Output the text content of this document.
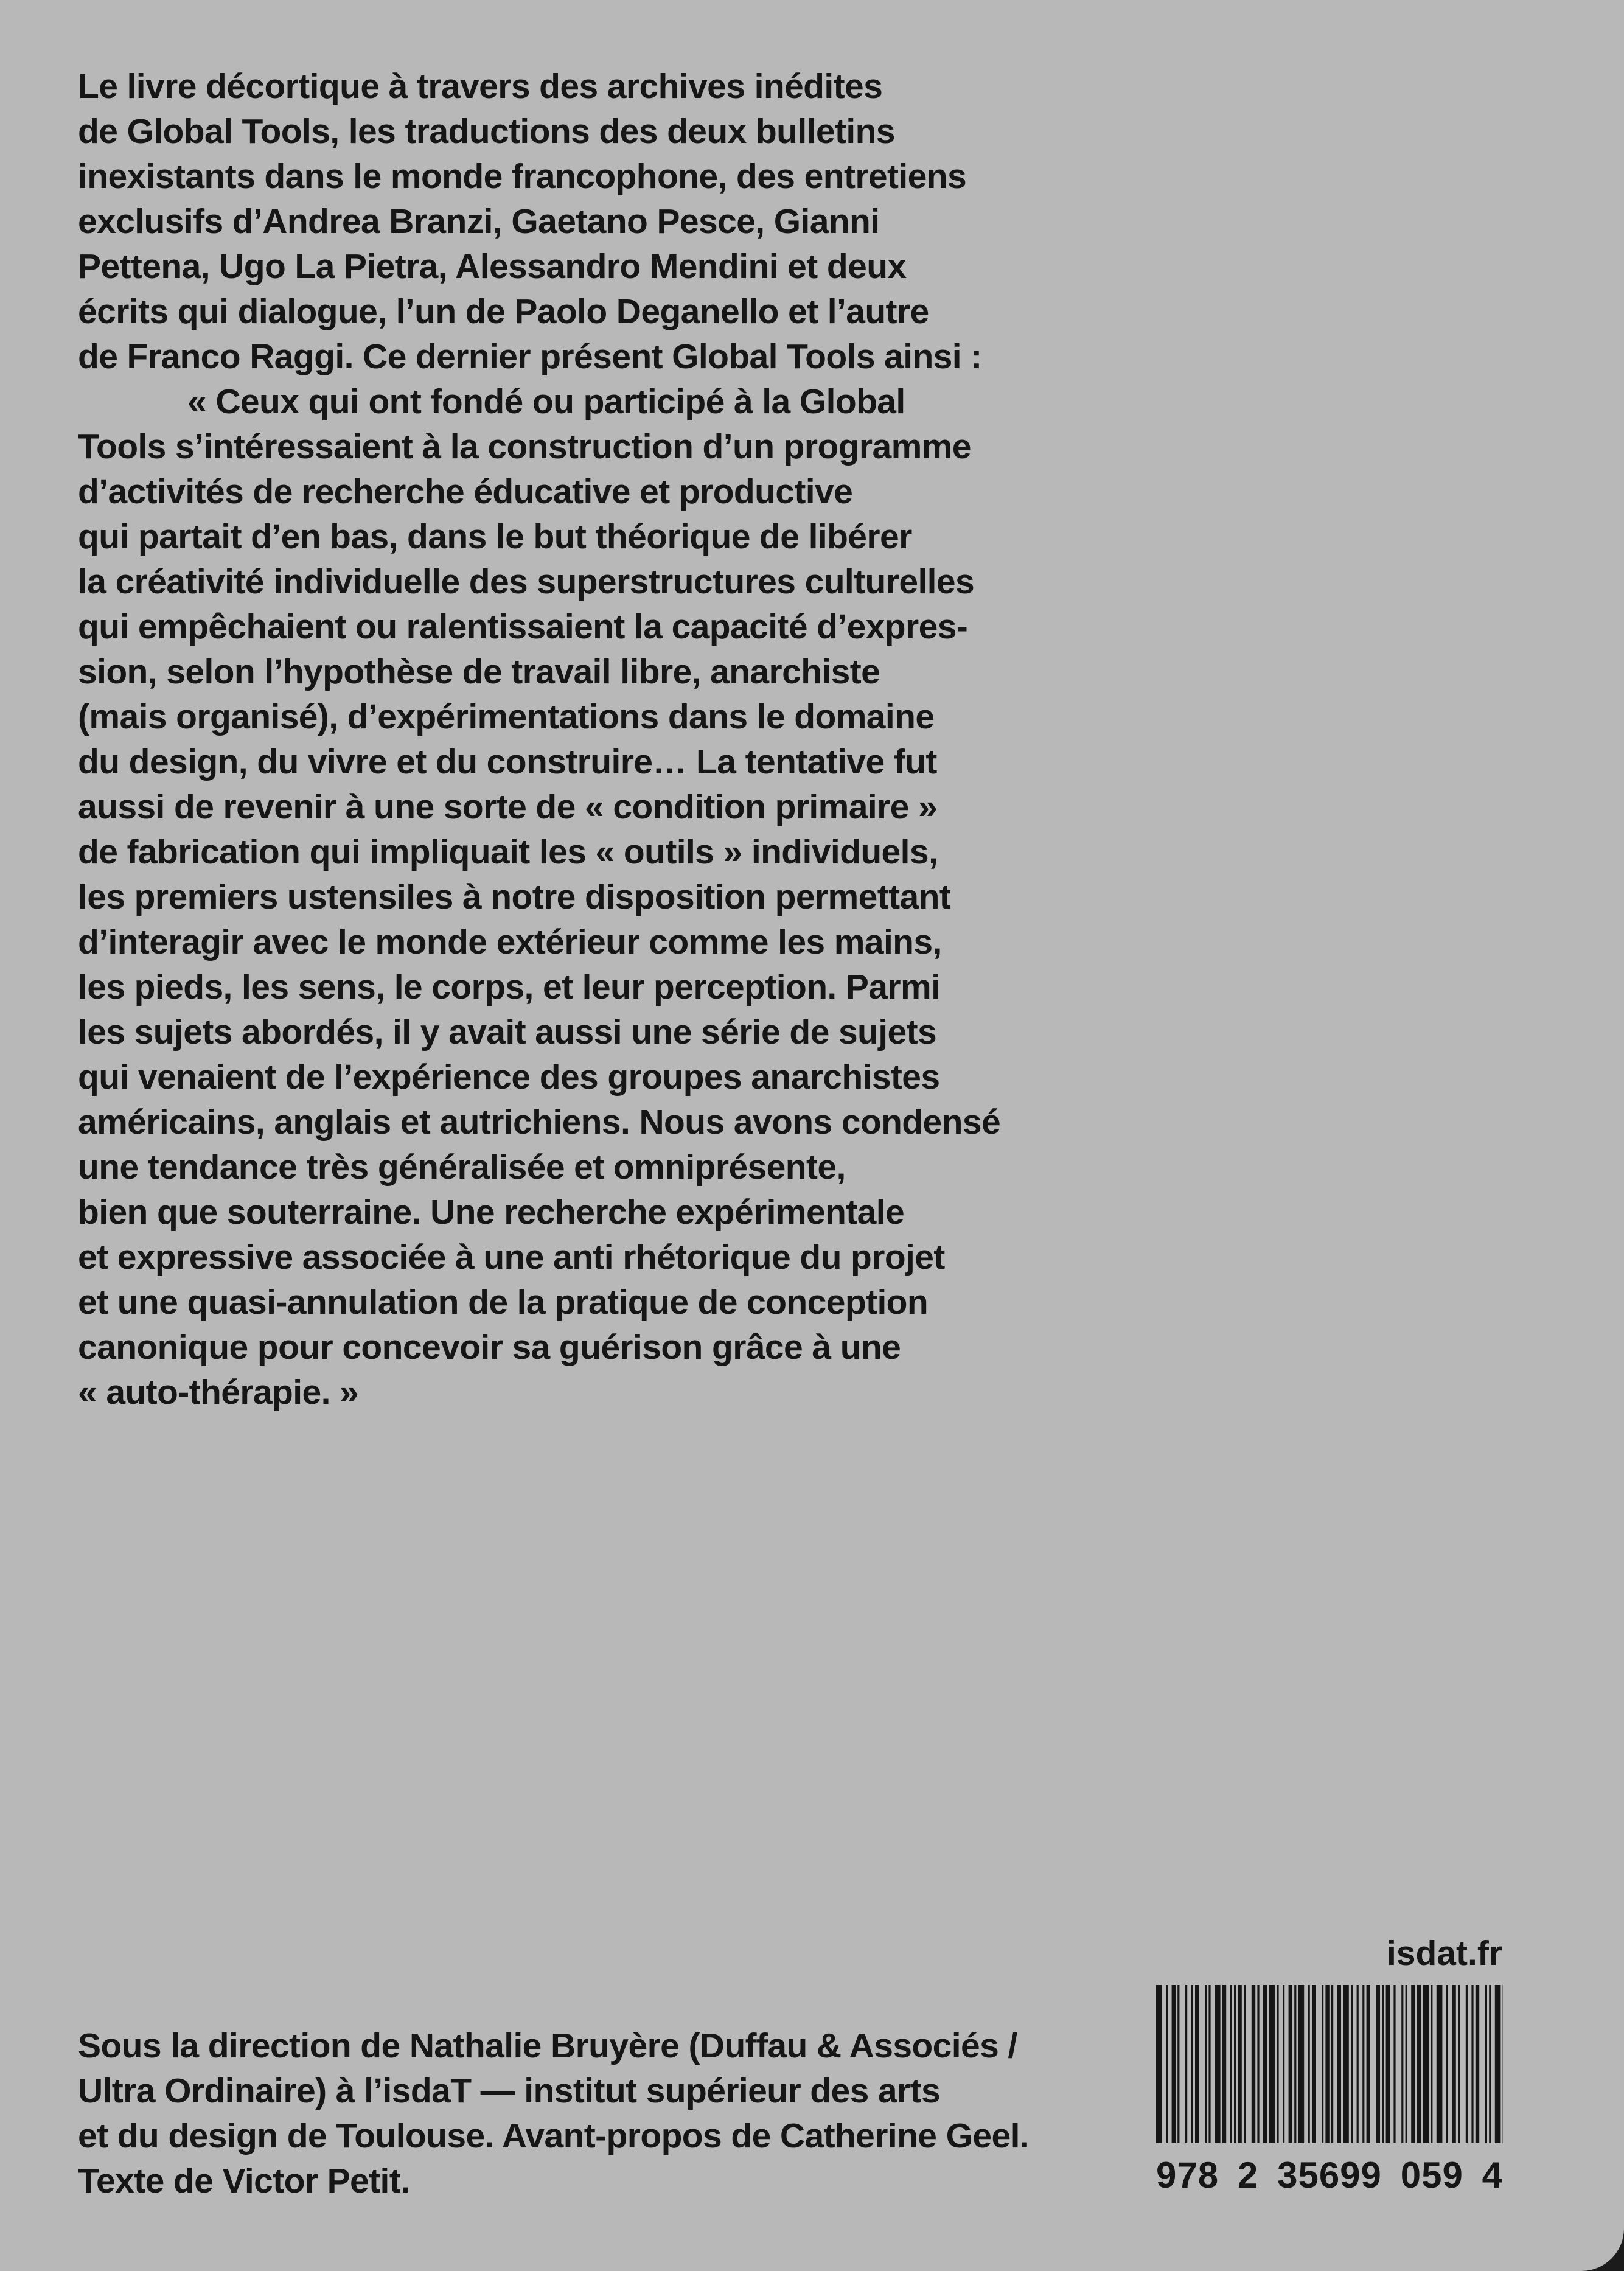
Le livre décortique à travers des archives inédites
de Global Tools, les traductions des deux bulletins
inexistants dans le monde francophone, des entretiens
exclusifs d’Andrea Branzi, Gaetano Pesce, Gianni
Pettena, Ugo La Pietra, Alessandro Mendini et deux
écrits qui dialogue, l’un de Paolo Deganello et l’autre
de Franco Raggi. Ce dernier présent Global Tools ainsi :
« Ceux qui ont fondé ou participé à la Global
Tools s’intéressaient à la construction d’un programme
d’activités de recherche éducative et productive
qui partait d’en bas, dans le but théorique de libérer
la créativité individuelle des superstructures culturelles
qui empêchaient ou ralentissaient la capacité d’expres-
sion, selon l’hypothèse de travail libre, anarchiste
(mais organisé), d’expérimentations dans le domaine
du design, du vivre et du construire… La tentative fut
aussi de revenir à une sorte de « condition primaire »
de fabrication qui impliquait les « outils » individuels,
les premiers ustensiles à notre disposition permettant
d’interagir avec le monde extérieur comme les mains,
les pieds, les sens, le corps, et leur perception. Parmi
les sujets abordés, il y avait aussi une série de sujets
qui venaient de l’expérience des groupes anarchistes
américains, anglais et autrichiens. Nous avons condensé
une tendance très généralisée et omniprésente,
bien que souterraine. Une recherche expérimentale
et expressive associée à une anti rhétorique du projet
et une quasi-annulation de la pratique de conception
canonique pour concevoir sa guérison grâce à une
« auto-thérapie. »
Sous la direction de Nathalie Bruyère (Duffau & Associés /
Ultra Ordinaire) à l’isdaT — institut supérieur des arts
et du design de Toulouse. Avant-propos de Catherine Geel.
Texte de Victor Petit.
isdat.fr
978 2 35699 059 4
